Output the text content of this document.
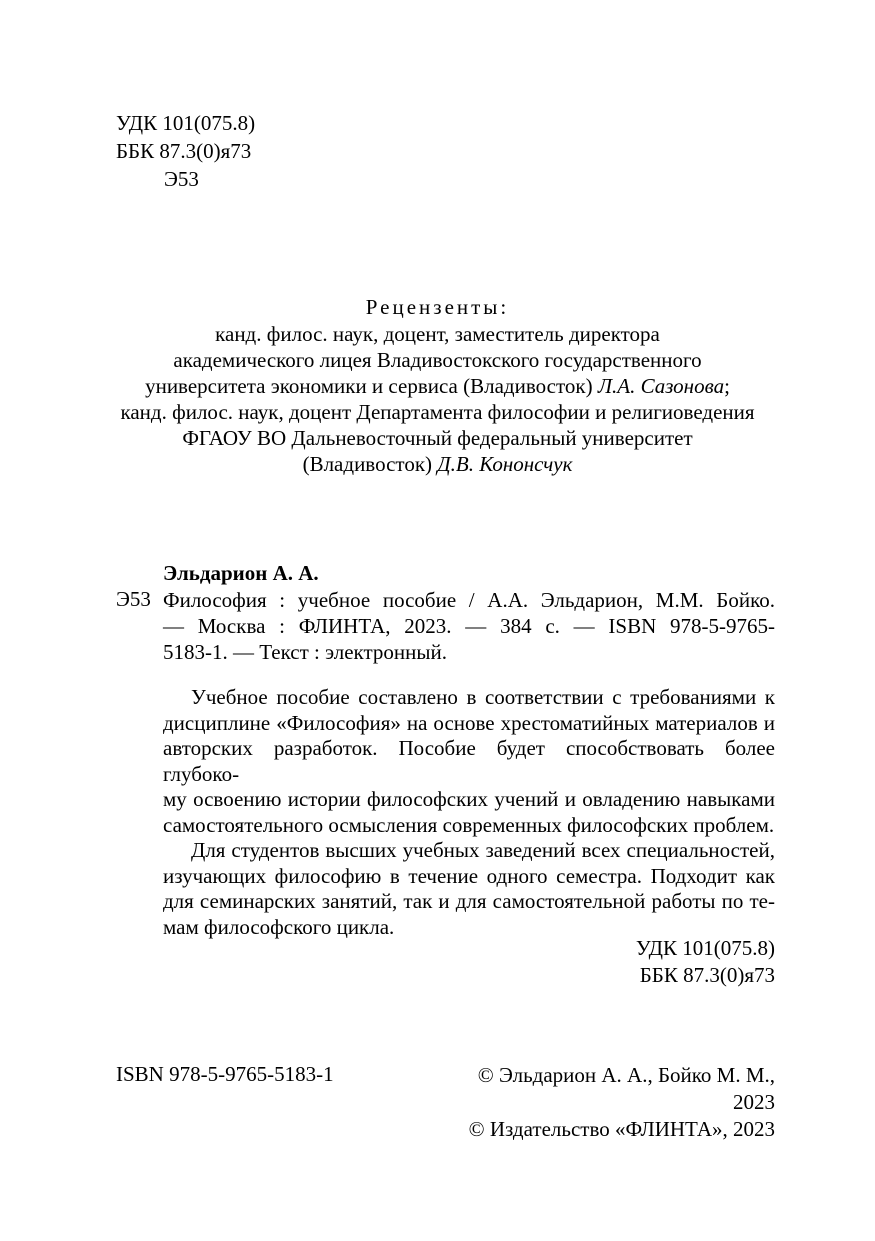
УДК 101(075.8)
ББК 87.3(0)я73
Э53
Рецензенты:
канд. филос. наук, доцент, заместитель директора
академического лицея Владивостокского государственного
университета экономики и сервиса (Владивосток) Л.А. Сазонова;
канд. филос. наук, доцент Департамента философии и религиоведения
ФГАОУ ВО Дальневосточный федеральный университет
(Владивосток) Д.В. Кононсчук
Эльдарион А. А.
Э53 Философия : учебное пособие / А.А. Эльдарион, М.М. Бойко.
— Москва : ФЛИНТА, 2023. — 384 с. — ISBN 978-5-9765-
5183-1. — Текст : электронный.
Учебное пособие составлено в соответствии с требованиями к
дисциплине «Философия» на основе хрестоматийных материалов и
авторских разработок. Пособие будет способствовать более глубоко-
му освоению истории философских учений и овладению навыками
самостоятельного осмысления современных философских проблем.
Для студентов высших учебных заведений всех специальностей,
изучающих философию в течение одного семестра. Подходит как
для семинарских занятий, так и для самостоятельной работы по те-
мам философского цикла.
УДК 101(075.8)
ББК 87.3(0)я73
ISBN 978-5-9765-5183-1	© Эльдарион А. А., Бойко М. М., 2023
© Издательство «ФЛИНТА», 2023
